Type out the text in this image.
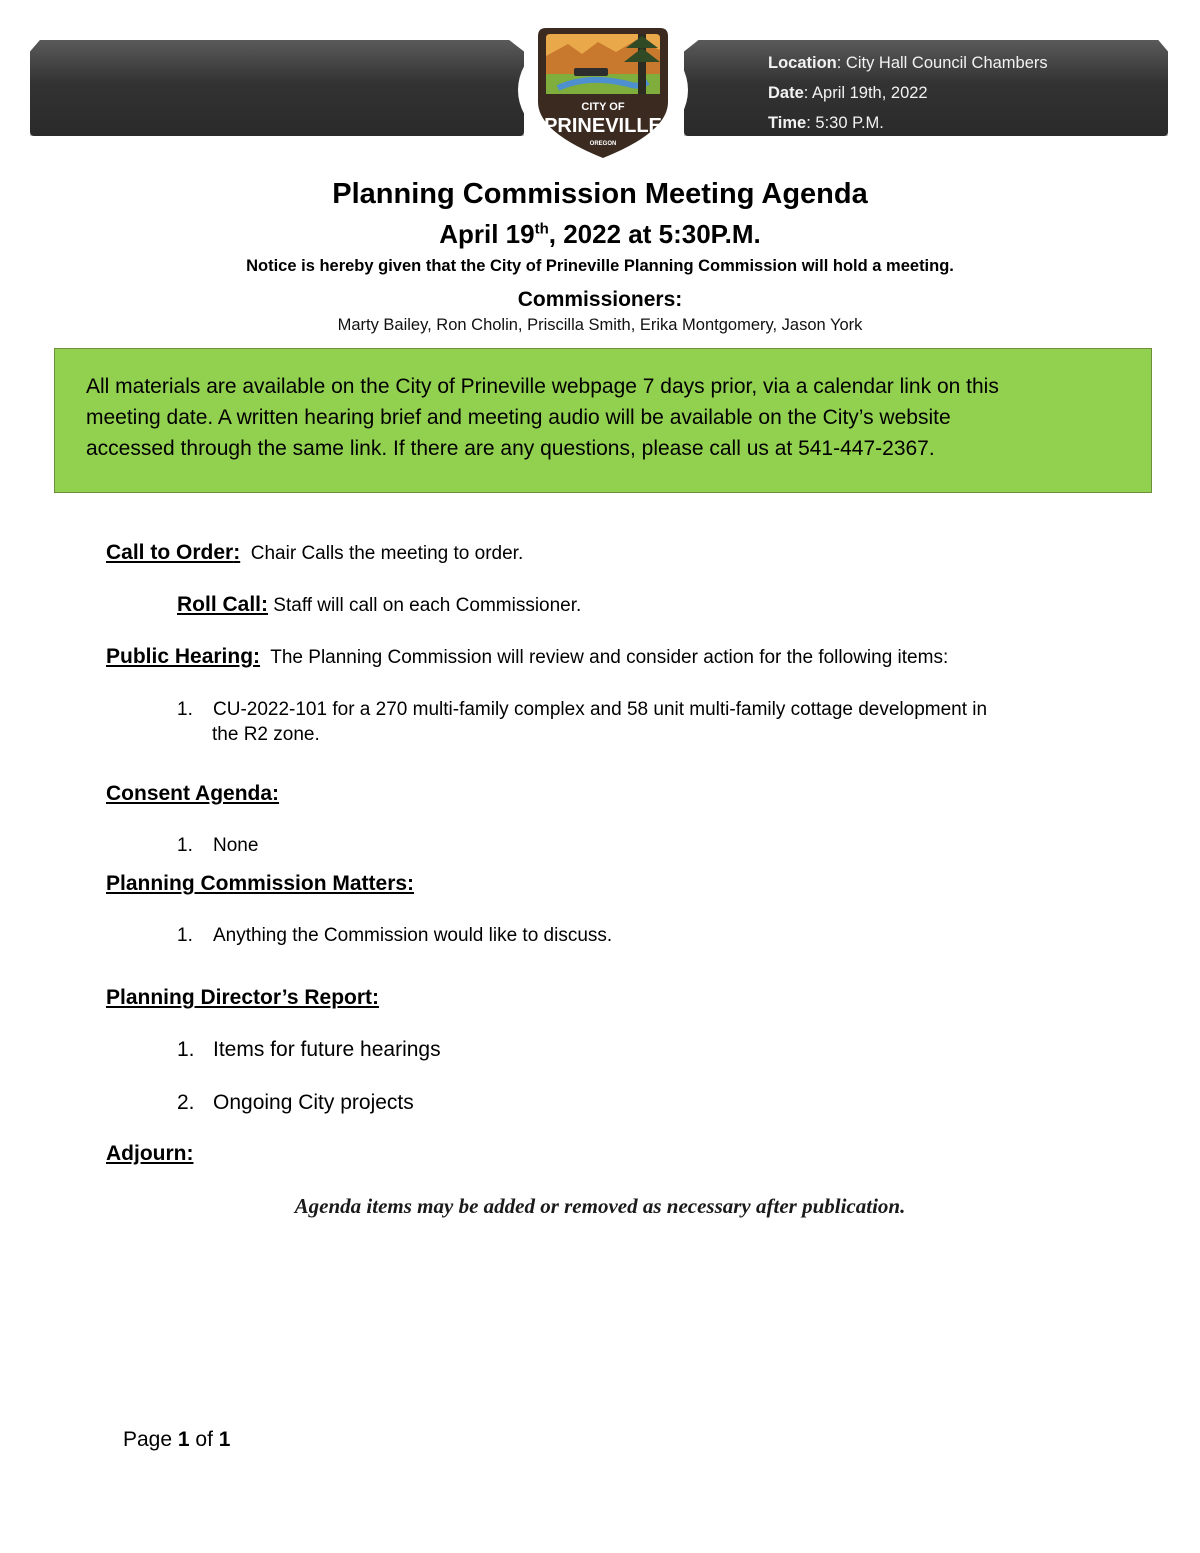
Location: City Hall Council Chambers
Date: April 19th, 2022
Time: 5:30 P.M.
CITY OF
PRINEVILLE
OREGON
Planning Commission Meeting Agenda
April 19th, 2022 at 5:30P.M.
Notice is hereby given that the City of Prineville Planning Commission will hold a meeting.
Commissioners:
Marty Bailey, Ron Cholin, Priscilla Smith, Erika Montgomery, Jason York
All materials are available on the City of Prineville webpage 7 days prior, via a calendar link on this
meeting date. A written hearing brief and meeting audio will be available on the City’s website
accessed through the same link. If there are any questions, please call us at 541-447-2367.
Call to Order: Chair Calls the meeting to order.
Roll Call: Staff will call on each Commissioner.
Public Hearing: The Planning Commission will review and consider action for the following items:
1. CU-2022-101 for a 270 multi-family complex and 58 unit multi-family cottage development in
the R2 zone.
Consent Agenda:
1. None
Planning Commission Matters:
1. Anything the Commission would like to discuss.
Planning Director’s Report:
1. Items for future hearings
2. Ongoing City projects
Adjourn:
Agenda items may be added or removed as necessary after publication.
Page 1 of 1
